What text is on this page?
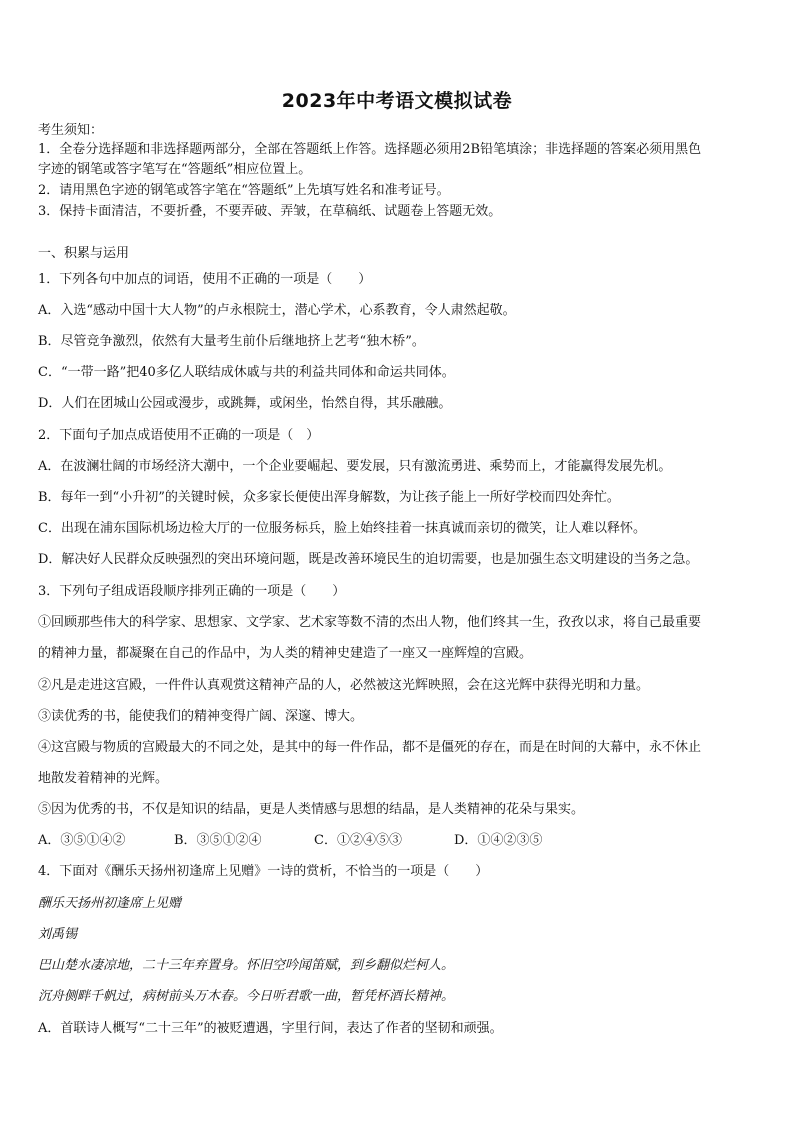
2023年中考语文模拟试卷
考生须知：
1．全卷分选择题和非选择题两部分，全部在答题纸上作答。选择题必须用2B铅笔填涂；非选择题的答案必须用黑色
字迹的钢笔或答字笔写在“答题纸”相应位置上。
2．请用黑色字迹的钢笔或答字笔在“答题纸”上先填写姓名和准考证号。
3．保持卡面清洁，不要折叠，不要弄破、弄皱，在草稿纸、试题卷上答题无效。
一、积累与运用
1．下列各句中加点的词语，使用不正确的一项是（　　）
A．入选“感动中国十大人物”的卢永根院士，潜心学术，心系教育，令人肃然起敬。
B．尽管竞争激烈，依然有大量考生前仆后继地挤上艺考“独木桥”。
C．“一带一路”把40多亿人联结成休戚与共的利益共同体和命运共同体。
D．人们在团城山公园或漫步，或跳舞，或闲坐，怡然自得，其乐融融。
2．下面句子加点成语使用不正确的一项是（　）
A．在波澜壮阔的市场经济大潮中，一个企业要崛起、要发展，只有激流勇进、乘势而上，才能赢得发展先机。
B．每年一到“小升初”的关键时候，众多家长便使出浑身解数，为让孩子能上一所好学校而四处奔忙。
C．出现在浦东国际机场边检大厅的一位服务标兵，脸上始终挂着一抹真诚而亲切的微笑，让人难以释怀。
D．解决好人民群众反映强烈的突出环境问题，既是改善环境民生的迫切需要，也是加强生态文明建设的当务之急。
3．下列句子组成语段顺序排列正确的一项是（　　）
①回顾那些伟大的科学家、思想家、文学家、艺术家等数不清的杰出人物，他们终其一生，孜孜以求，将自己最重要
的精神力量，都凝聚在自己的作品中，为人类的精神史建造了一座又一座辉煌的宫殿。
②凡是走进这宫殿，一件件认真观赏这精神产品的人，必然被这光辉映照，会在这光辉中获得光明和力量。
③读优秀的书，能使我们的精神变得广阔、深邃、博大。
④这宫殿与物质的宫殿最大的不同之处，是其中的每一件作品，都不是僵死的存在，而是在时间的大幕中，永不休止
地散发着精神的光辉。
⑤因为优秀的书，不仅是知识的结晶，更是人类情感与思想的结晶，是人类精神的花朵与果实。
A．③⑤①④②	B．③⑤①②④	C．①②④⑤③	D．①④②③⑤
4．下面对《酬乐天扬州初逢席上见赠》一诗的赏析，不恰当的一项是（　　）
酬乐天扬州初逢席上见赠
刘禹锡
巴山楚水凄凉地，二十三年弃置身。怀旧空吟闻笛赋，到乡翻似烂柯人。
沉舟侧畔千帆过，病树前头万木春。今日听君歌一曲，暂凭杯酒长精神。
A．首联诗人概写“二十三年”的被贬遭遇，字里行间，表达了作者的坚韧和顽强。
